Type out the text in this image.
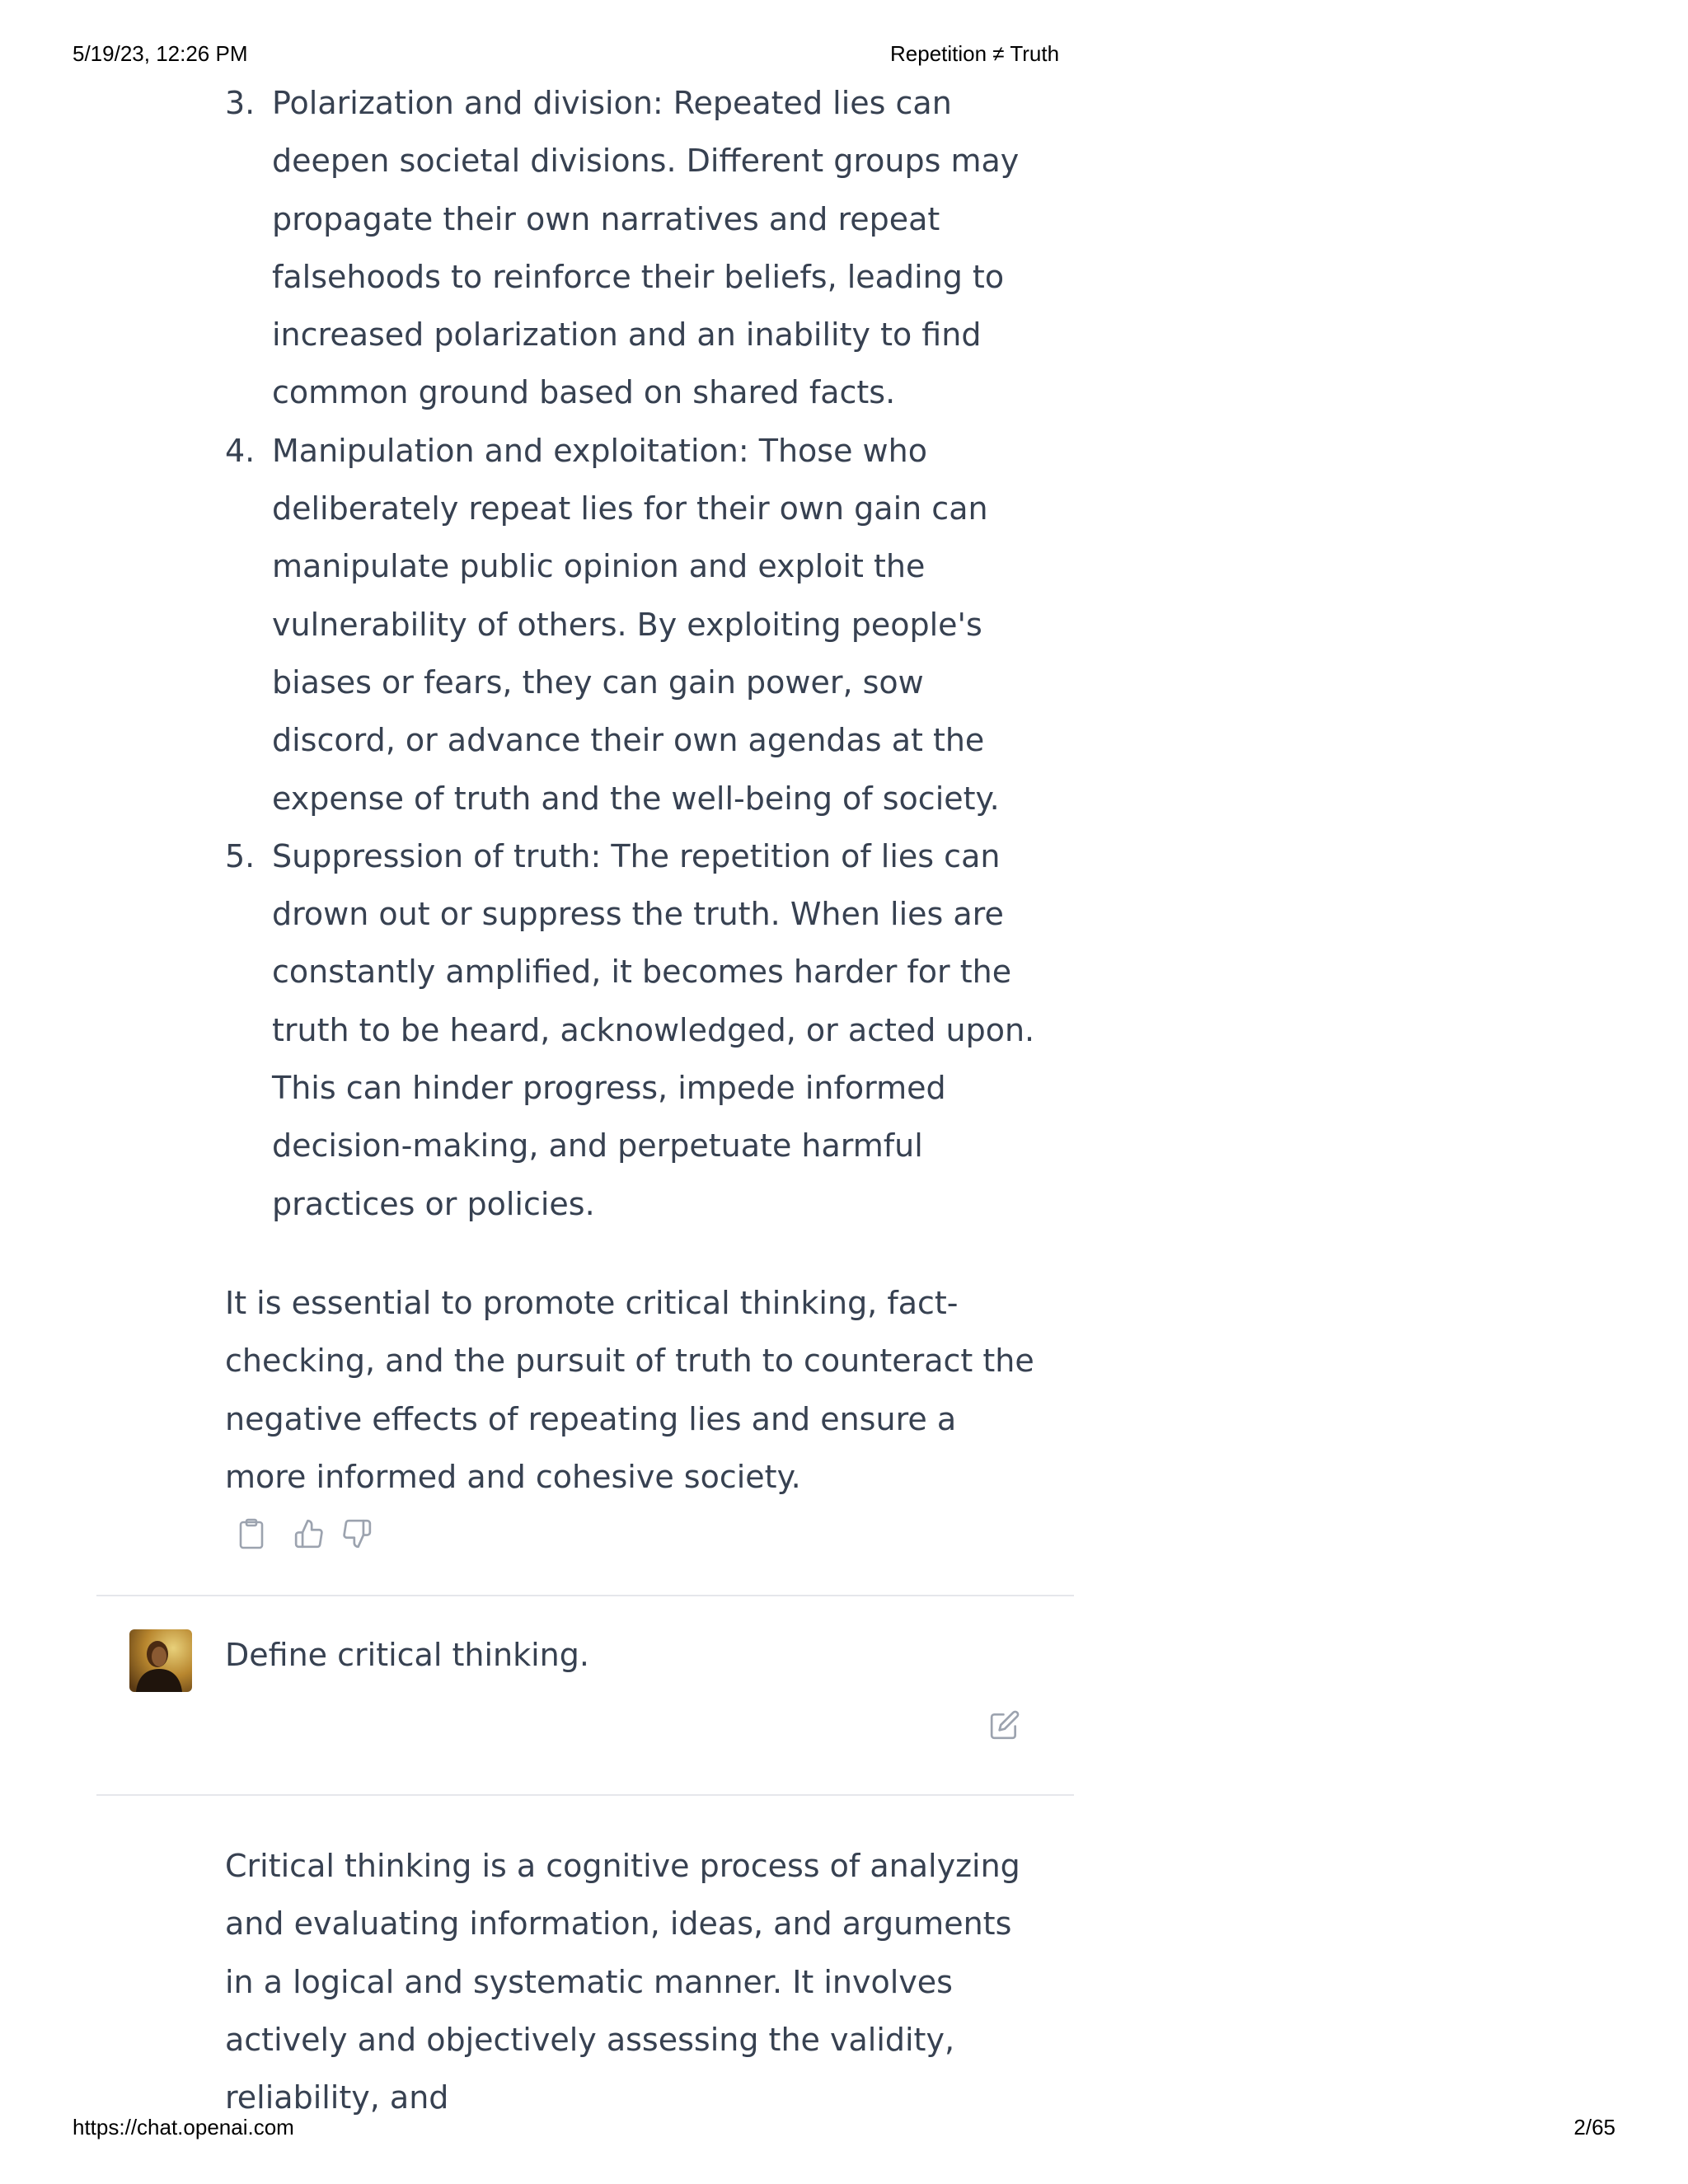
5/19/23, 12:26 PM	Repetition ≠ Truth
3. Polarization and division: Repeated lies can deepen societal divisions. Different groups may propagate their own narratives and repeat falsehoods to reinforce their beliefs, leading to increased polarization and an inability to find common ground based on shared facts.
4. Manipulation and exploitation: Those who deliberately repeat lies for their own gain can manipulate public opinion and exploit the vulnerability of others. By exploiting people's biases or fears, they can gain power, sow discord, or advance their own agendas at the expense of truth and the well-being of society.
5. Suppression of truth: The repetition of lies can drown out or suppress the truth. When lies are constantly amplified, it becomes harder for the truth to be heard, acknowledged, or acted upon. This can hinder progress, impede informed decision-making, and perpetuate harmful practices or policies.

It is essential to promote critical thinking, fact-checking, and the pursuit of truth to counteract the negative effects of repeating lies and ensure a more informed and cohesive society.

Define critical thinking.

Critical thinking is a cognitive process of analyzing and evaluating information, ideas, and arguments in a logical and systematic manner. It involves actively and objectively assessing the validity, reliability, and

https://chat.openai.com	2/65
